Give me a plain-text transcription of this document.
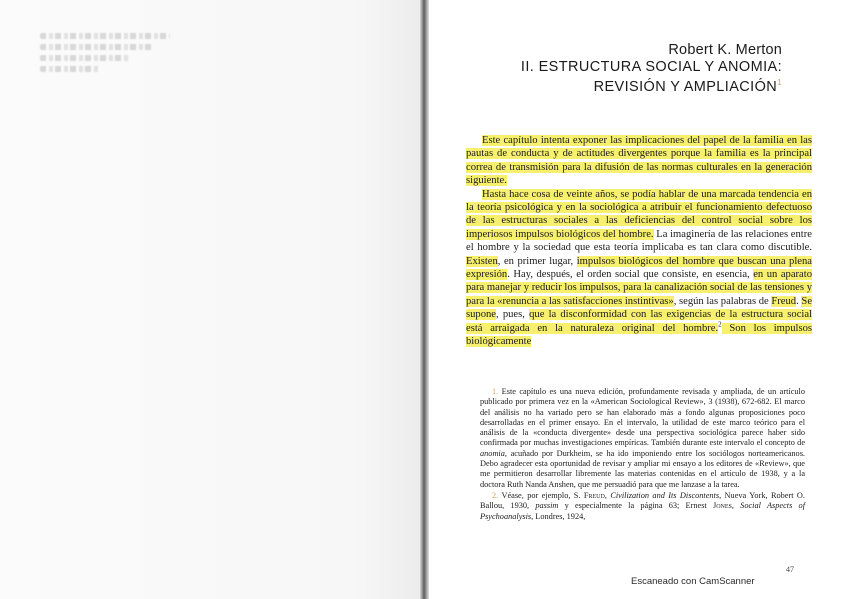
Robert K. Merton
II. ESTRUCTURA SOCIAL Y ANOMIA:
REVISIÓN Y AMPLIACIÓN$^1$

Este capítulo intenta exponer las implicaciones del papel de la familia en las pautas de conducta y de actitudes divergentes porque la familia es la principal correa de transmisión para la difusión de las normas culturales en la generación siguiente.

Hasta hace cosa de veinte años, se podía hablar de una marcada tendencia en la teoría psicológica y en la sociológica a atribuir el funcionamiento defectuoso de las estructuras sociales a las deficiencias del control social sobre los imperiosos impulsos biológicos del hombre. La imaginería de las relaciones entre el hombre y la sociedad que esta teoría implicaba es tan clara como discutible. Existen, en primer lugar, impulsos biológicos del hombre que buscan una plena expresión. Hay, después, el orden social que consiste, en esencia, en un aparato para manejar y reducir los impulsos, para la canalización social de las tensiones y para la «renuncia a las satisfacciones instintivas», según las palabras de Freud. Se supone, pues, que la disconformidad con las exigencias de la estructura social está arraigada en la naturaleza original del hombre.$^2$ Son los impulsos biológicamente

1. Este capítulo es una nueva edición, profundamente revisada y ampliada, de un artículo publicado por primera vez en la «American Sociological Review», 3 (1938), 672-682. El marco del análisis no ha variado pero se han elaborado más a fondo algunas proposiciones poco desarrolladas en el primer ensayo. En el intervalo, la utilidad de este marco teórico para el análisis de la «conducta divergente» desde una perspectiva sociológica parece haber sido confirmada por muchas investigaciones empíricas. También durante este intervalo el concepto de anomia, acuñado por Durkheim, se ha ido imponiendo entre los sociólogos norteamericanos. Debo agradecer esta oportunidad de revisar y ampliar mi ensayo a los editores de «Review», que me permitieron desarrollar libremente las materias contenidas en el artículo de 1938, y a la doctora Ruth Nanda Anshen, que me persuadió para que me lanzase a la tarea.

2. Véase, por ejemplo, S. Freud, Civilization and Its Discontents, Nueva York, Robert O. Ballou, 1930, passim y especialmente la página 63; Ernest Jones, Social Aspects of Psychoanalysis, Londres, 1924,

47
Escaneado con CamScanner
